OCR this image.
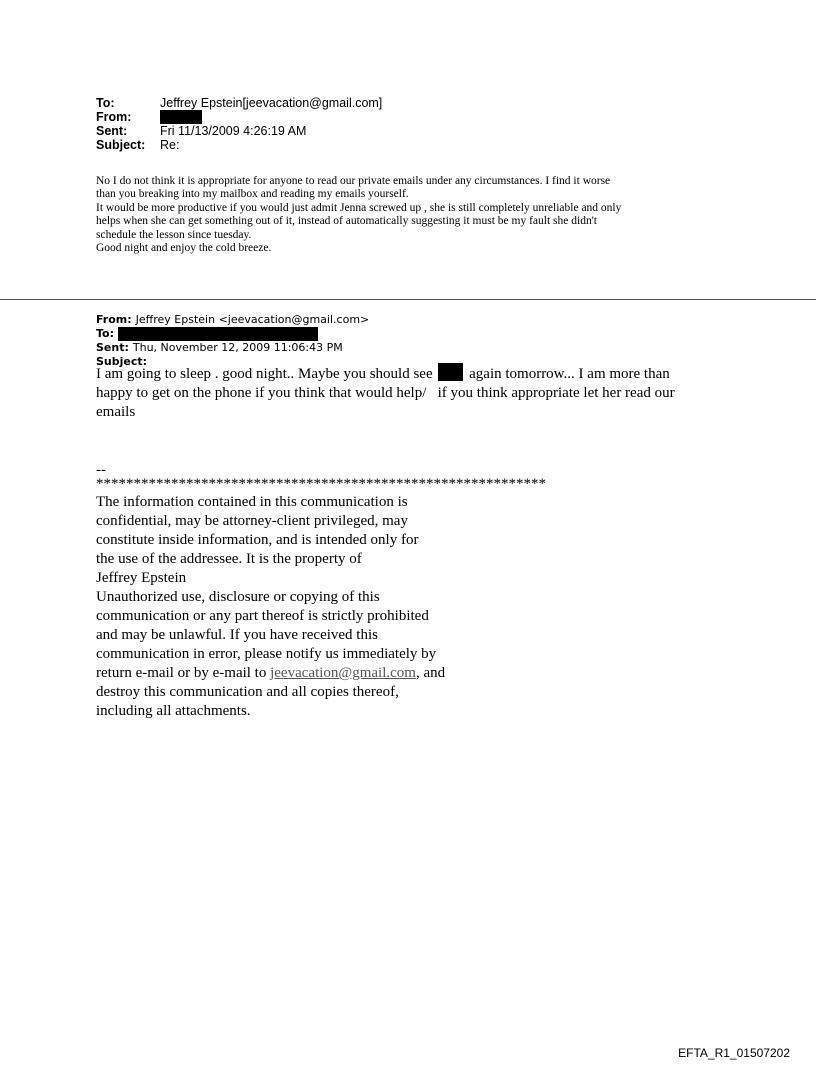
To:	Jeffrey Epstein[jeevacation@gmail.com]
From:
Sent:	Fri 11/13/2009 4:26:19 AM
Subject:	Re:

No I do not think it is appropriate for anyone to read our private emails under any circumstances. I find it worse

than you breaking into my mailbox and reading my emails yourself.

It would be more productive if you would just admit Jenna screwed up , she is still completely unreliable and only

helps when she can get something out of it, instead of automatically suggesting it must be my fault she didn't

schedule the lesson since tuesday.

Good night and enjoy the cold breeze.

From: Jeffrey Epstein <jeevacation@gmail.com>
To:
Sent: Thu, November 12, 2009 11:06:43 PM
Subject:
I am going to sleep . good night.. Maybe you should see again tomorrow... I am more than
happy to get on the phone if you think that would help/   if you think appropriate let her read our
emails
--
************************************************************
The information contained in this communication is
confidential, may be attorney-client privileged, may
constitute inside information, and is intended only for
the use of the addressee. It is the property of
Jeffrey Epstein
Unauthorized use, disclosure or copying of this
communication or any part thereof is strictly prohibited
and may be unlawful. If you have received this
communication in error, please notify us immediately by
return e-mail or by e-mail to jeevacation@gmail.com, and
destroy this communication and all copies thereof,
including all attachments.
EFTA_R1_01507202
